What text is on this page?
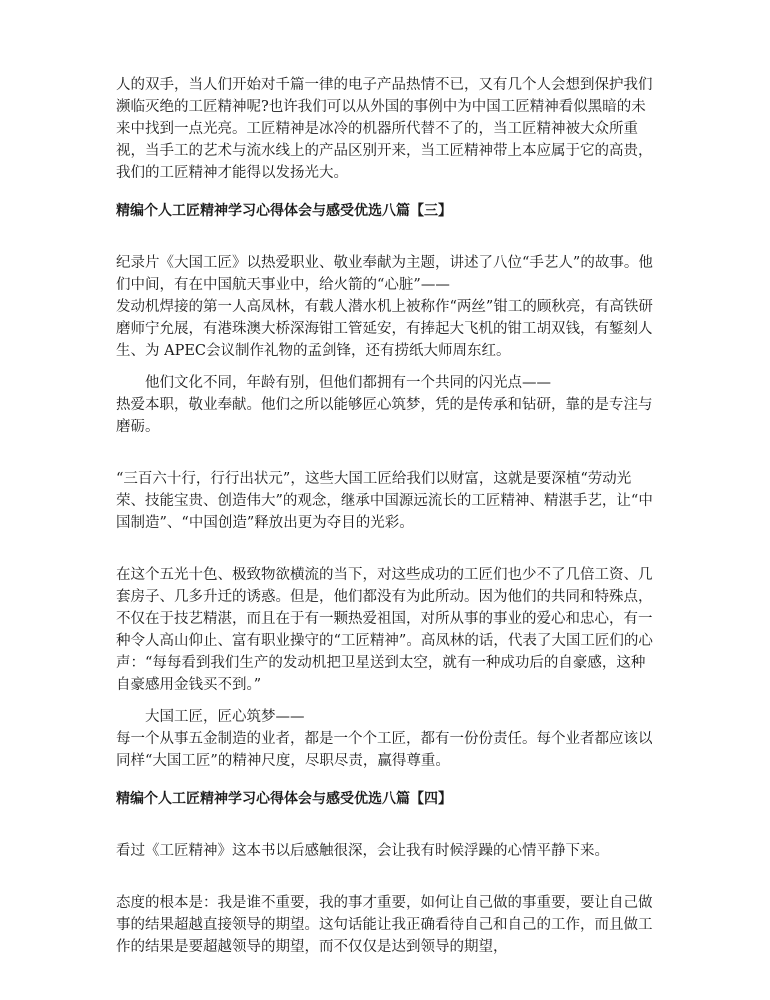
人的双手，当人们开始对千篇一律的电子产品热情不已，又有几个人会想到保护我们濒临灭绝的工匠精神呢?也许我们可以从外国的事例中为中国工匠精神看似黑暗的未来中找到一点光亮。工匠精神是冰冷的机器所代替不了的，当工匠精神被大众所重视，当手工的艺术与流水线上的产品区别开来，当工匠精神带上本应属于它的高贵，我们的工匠精神才能得以发扬光大。

精编个人工匠精神学习心得体会与感受优选八篇【三】

纪录片《大国工匠》以热爱职业、敬业奉献为主题，讲述了八位“手艺人”的故事。他们中间，有在中国航天事业中，给火箭的“心脏”——

发动机焊接的第一人高凤林，有载人潜水机上被称作“两丝”钳工的顾秋亮，有高铁研磨师宁允展，有港珠澳大桥深海钳工管延安，有捧起大飞机的钳工胡双钱，有錾刻人生、为 APEC会议制作礼物的孟剑锋，还有捞纸大师周东红。

他们文化不同，年龄有别，但他们都拥有一个共同的闪光点——

热爱本职，敬业奉献。他们之所以能够匠心筑梦，凭的是传承和钻研，靠的是专注与磨砺。

“三百六十行，行行出状元”，这些大国工匠给我们以财富，这就是要深植“劳动光荣、技能宝贵、创造伟大”的观念，继承中国源远流长的工匠精神、精湛手艺，让“中国制造”、“中国创造”释放出更为夺目的光彩。

在这个五光十色、极致物欲横流的当下，对这些成功的工匠们也少不了几倍工资、几套房子、几多升迁的诱惑。但是，他们都没有为此所动。因为他们的共同和特殊点，不仅在于技艺精湛，而且在于有一颗热爱祖国，对所从事的事业的爱心和忠心，有一种令人高山仰止、富有职业操守的“工匠精神”。高凤林的话，代表了大国工匠们的心声：“每每看到我们生产的发动机把卫星送到太空，就有一种成功后的自豪感，这种自豪感用金钱买不到。”

大国工匠，匠心筑梦——

每一个从事五金制造的业者，都是一个个工匠，都有一份份责任。每个业者都应该以同样“大国工匠”的精神尺度，尽职尽责，赢得尊重。

精编个人工匠精神学习心得体会与感受优选八篇【四】

看过《工匠精神》这本书以后感触很深，会让我有时候浮躁的心情平静下来。

态度的根本是：我是谁不重要，我的事才重要，如何让自己做的事重要，要让自己做事的结果超越直接领导的期望。这句话能让我正确看待自己和自己的工作，而且做工作的结果是要超越领导的期望，而不仅仅是达到领导的期望，
